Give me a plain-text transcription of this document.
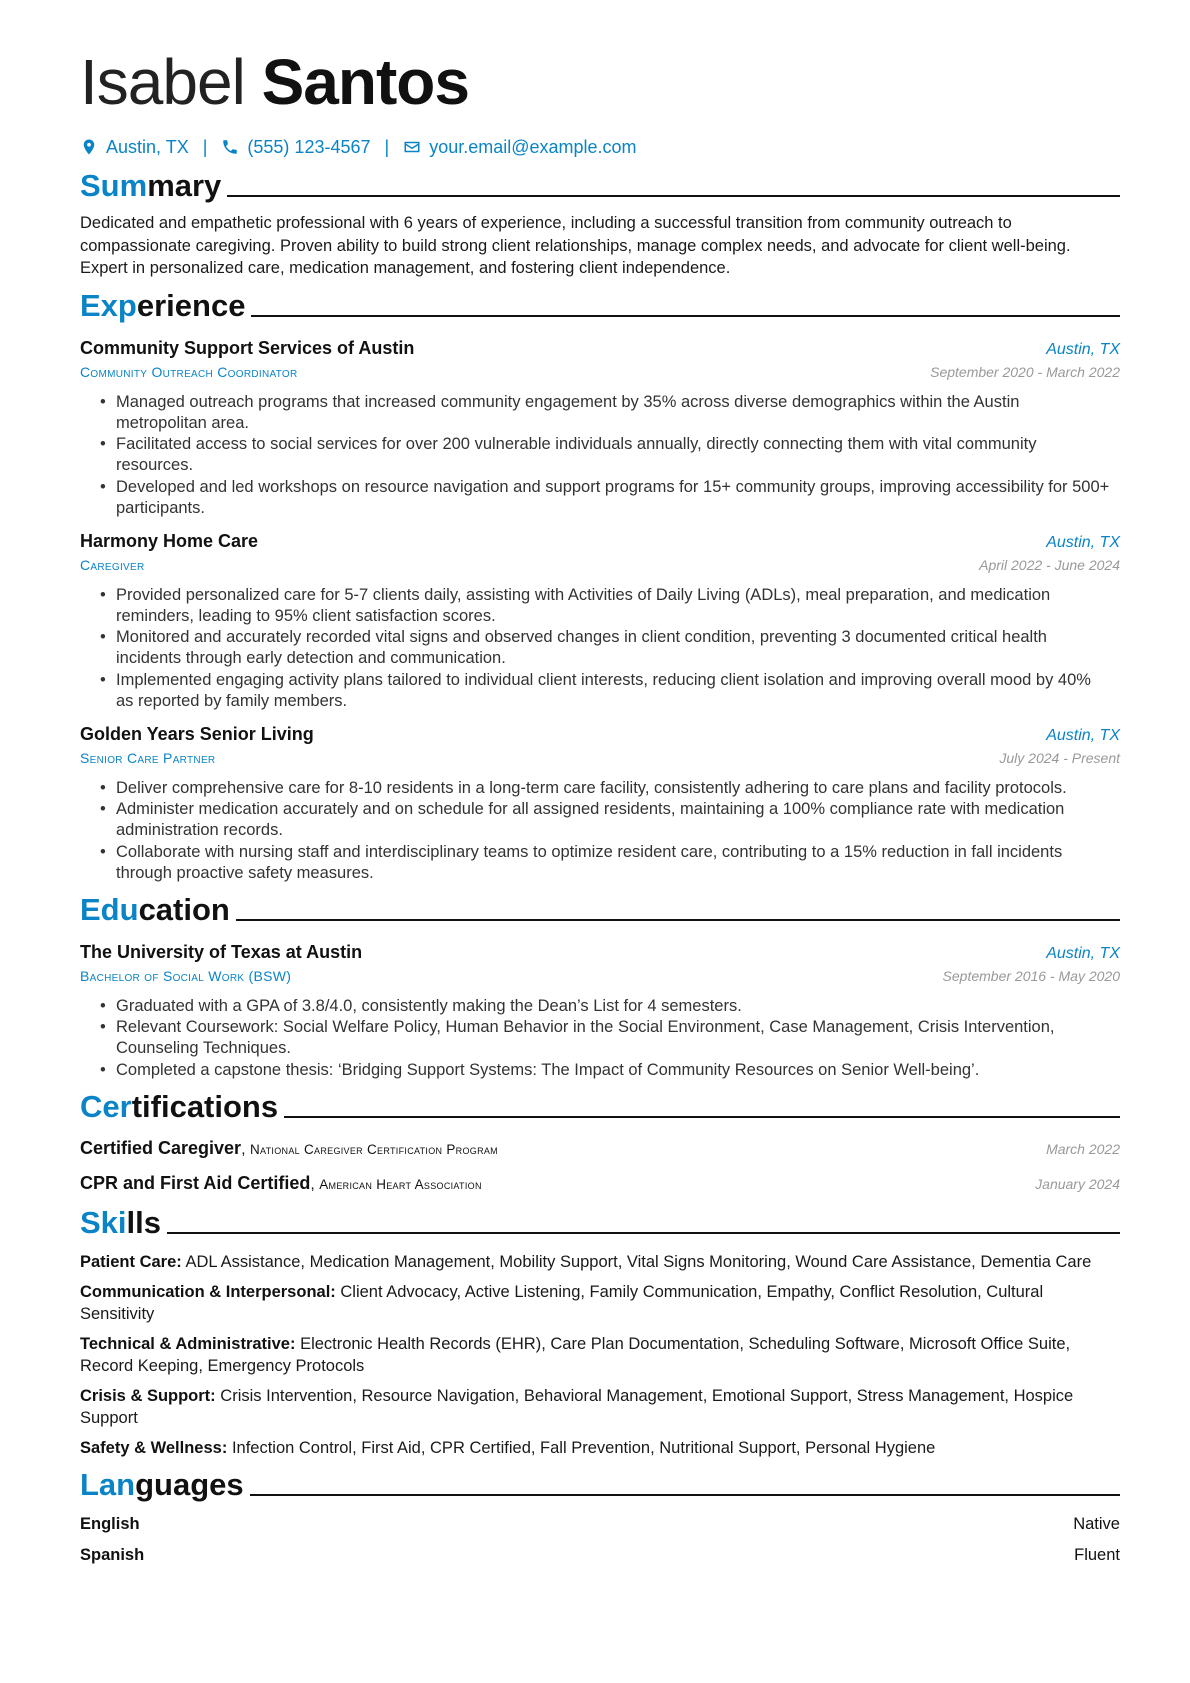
Isabel Santos
Austin, TX | (555) 123-4567 | your.email@example.com
Summary

Dedicated and empathetic professional with 6 years of experience, including a successful transition from community outreach to compassionate caregiving. Proven ability to build strong client relationships, manage complex needs, and advocate for client well-being. Expert in personalized care, medication management, and fostering client independence.

Experience
Community Support Services of Austin	Austin, TX
Community Outreach Coordinator	September 2020 - March 2022
• Managed outreach programs that increased community engagement by 35% across diverse demographics within the Austin metropolitan area.
• Facilitated access to social services for over 200 vulnerable individuals annually, directly connecting them with vital community resources.
• Developed and led workshops on resource navigation and support programs for 15+ community groups, improving accessibility for 500+ participants.
Harmony Home Care	Austin, TX
Caregiver	April 2022 - June 2024
• Provided personalized care for 5-7 clients daily, assisting with Activities of Daily Living (ADLs), meal preparation, and medication reminders, leading to 95% client satisfaction scores.
• Monitored and accurately recorded vital signs and observed changes in client condition, preventing 3 documented critical health incidents through early detection and communication.
• Implemented engaging activity plans tailored to individual client interests, reducing client isolation and improving overall mood by 40% as reported by family members.
Golden Years Senior Living	Austin, TX
Senior Care Partner	July 2024 - Present
• Deliver comprehensive care for 8-10 residents in a long-term care facility, consistently adhering to care plans and facility protocols.
• Administer medication accurately and on schedule for all assigned residents, maintaining a 100% compliance rate with medication administration records.
• Collaborate with nursing staff and interdisciplinary teams to optimize resident care, contributing to a 15% reduction in fall incidents through proactive safety measures.
Education
The University of Texas at Austin	Austin, TX
Bachelor of Social Work (BSW)	September 2016 - May 2020
• Graduated with a GPA of 3.8/4.0, consistently making the Dean’s List for 4 semesters.
• Relevant Coursework: Social Welfare Policy, Human Behavior in the Social Environment, Case Management, Crisis Intervention, Counseling Techniques.
• Completed a capstone thesis: ‘Bridging Support Systems: The Impact of Community Resources on Senior Well-being’.
Certifications
Certified Caregiver, National Caregiver Certification Program	March 2022
CPR and First Aid Certified, American Heart Association	January 2024
Skills
Patient Care: ADL Assistance, Medication Management, Mobility Support, Vital Signs Monitoring, Wound Care Assistance, Dementia Care
Communication & Interpersonal: Client Advocacy, Active Listening, Family Communication, Empathy, Conflict Resolution, Cultural Sensitivity
Technical & Administrative: Electronic Health Records (EHR), Care Plan Documentation, Scheduling Software, Microsoft Office Suite, Record Keeping, Emergency Protocols
Crisis & Support: Crisis Intervention, Resource Navigation, Behavioral Management, Emotional Support, Stress Management, Hospice Support
Safety & Wellness: Infection Control, First Aid, CPR Certified, Fall Prevention, Nutritional Support, Personal Hygiene
Languages
English	Native
Spanish	Fluent
